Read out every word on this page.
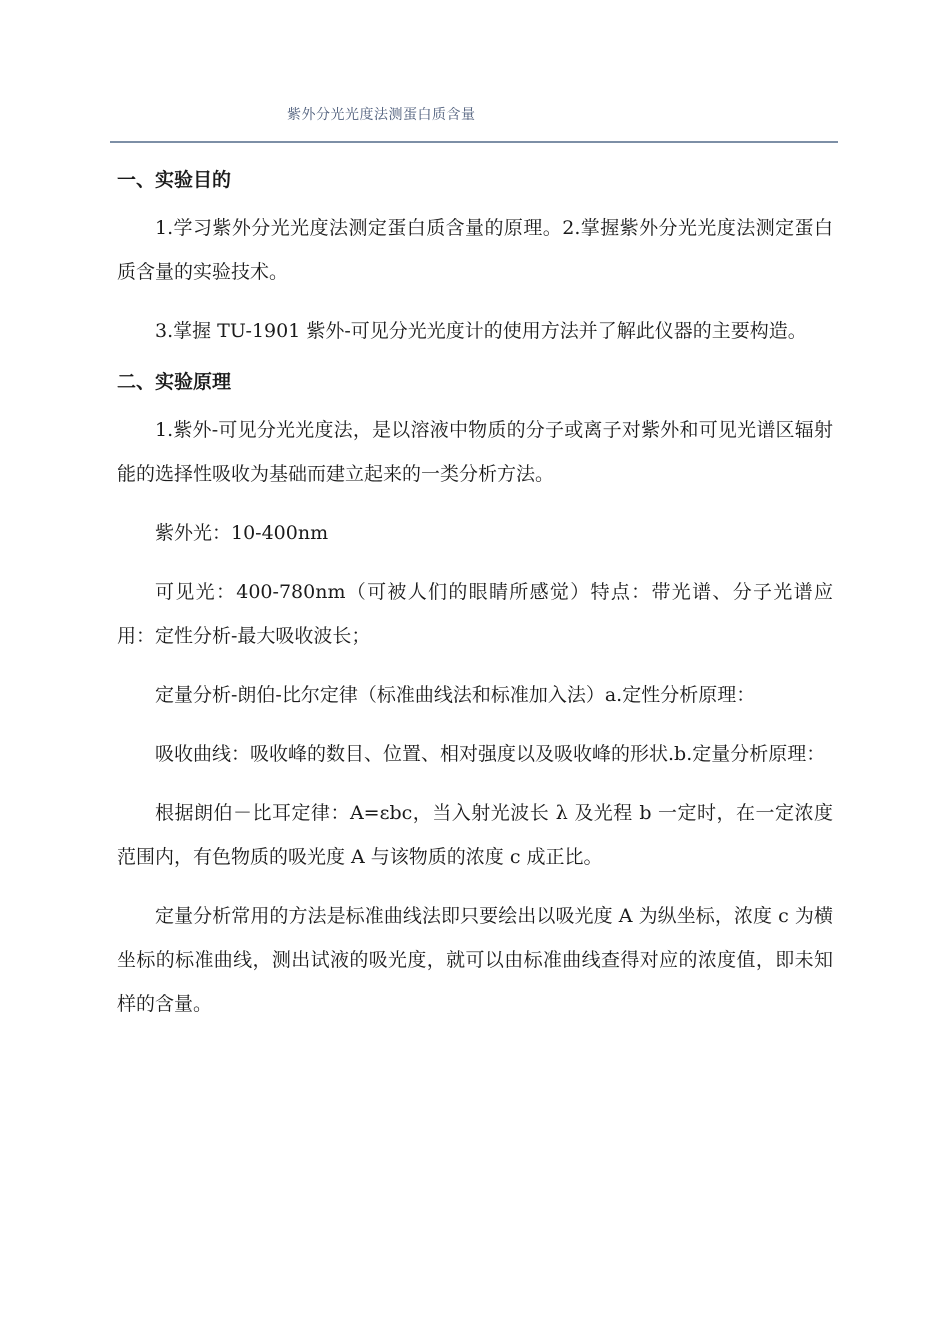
紫外分光光度法测蛋白质含量
一、实验目的

1.学习紫外分光光度法测定蛋白质含量的原理。2.掌握紫外分光光度法测定蛋白质含量的实验技术。

3.掌握 TU-1901 紫外-可见分光光度计的使用方法并了解此仪器的主要构造。

二、实验原理

1.紫外-可见分光光度法，是以溶液中物质的分子或离子对紫外和可见光谱区辐射能的选择性吸收为基础而建立起来的一类分析方法。

紫外光：10-400nm

可见光：400-780nm（可被人们的眼睛所感觉）特点：带光谱、分子光谱应用：定性分析-最大吸收波长；

定量分析-朗伯-比尔定律（标准曲线法和标准加入法）a.定性分析原理：

吸收曲线：吸收峰的数目、位置、相对强度以及吸收峰的形状.b.定量分析原理：

根据朗伯－比耳定律：A=εbc，当入射光波长 λ 及光程 b 一定时，在一定浓度范围内，有色物质的吸光度 A 与该物质的浓度 c 成正比。

定量分析常用的方法是标准曲线法即只要绘出以吸光度 A 为纵坐标，浓度 c 为横坐标的标准曲线，测出试液的吸光度，就可以由标准曲线查得对应的浓度值，即未知样的含量。
